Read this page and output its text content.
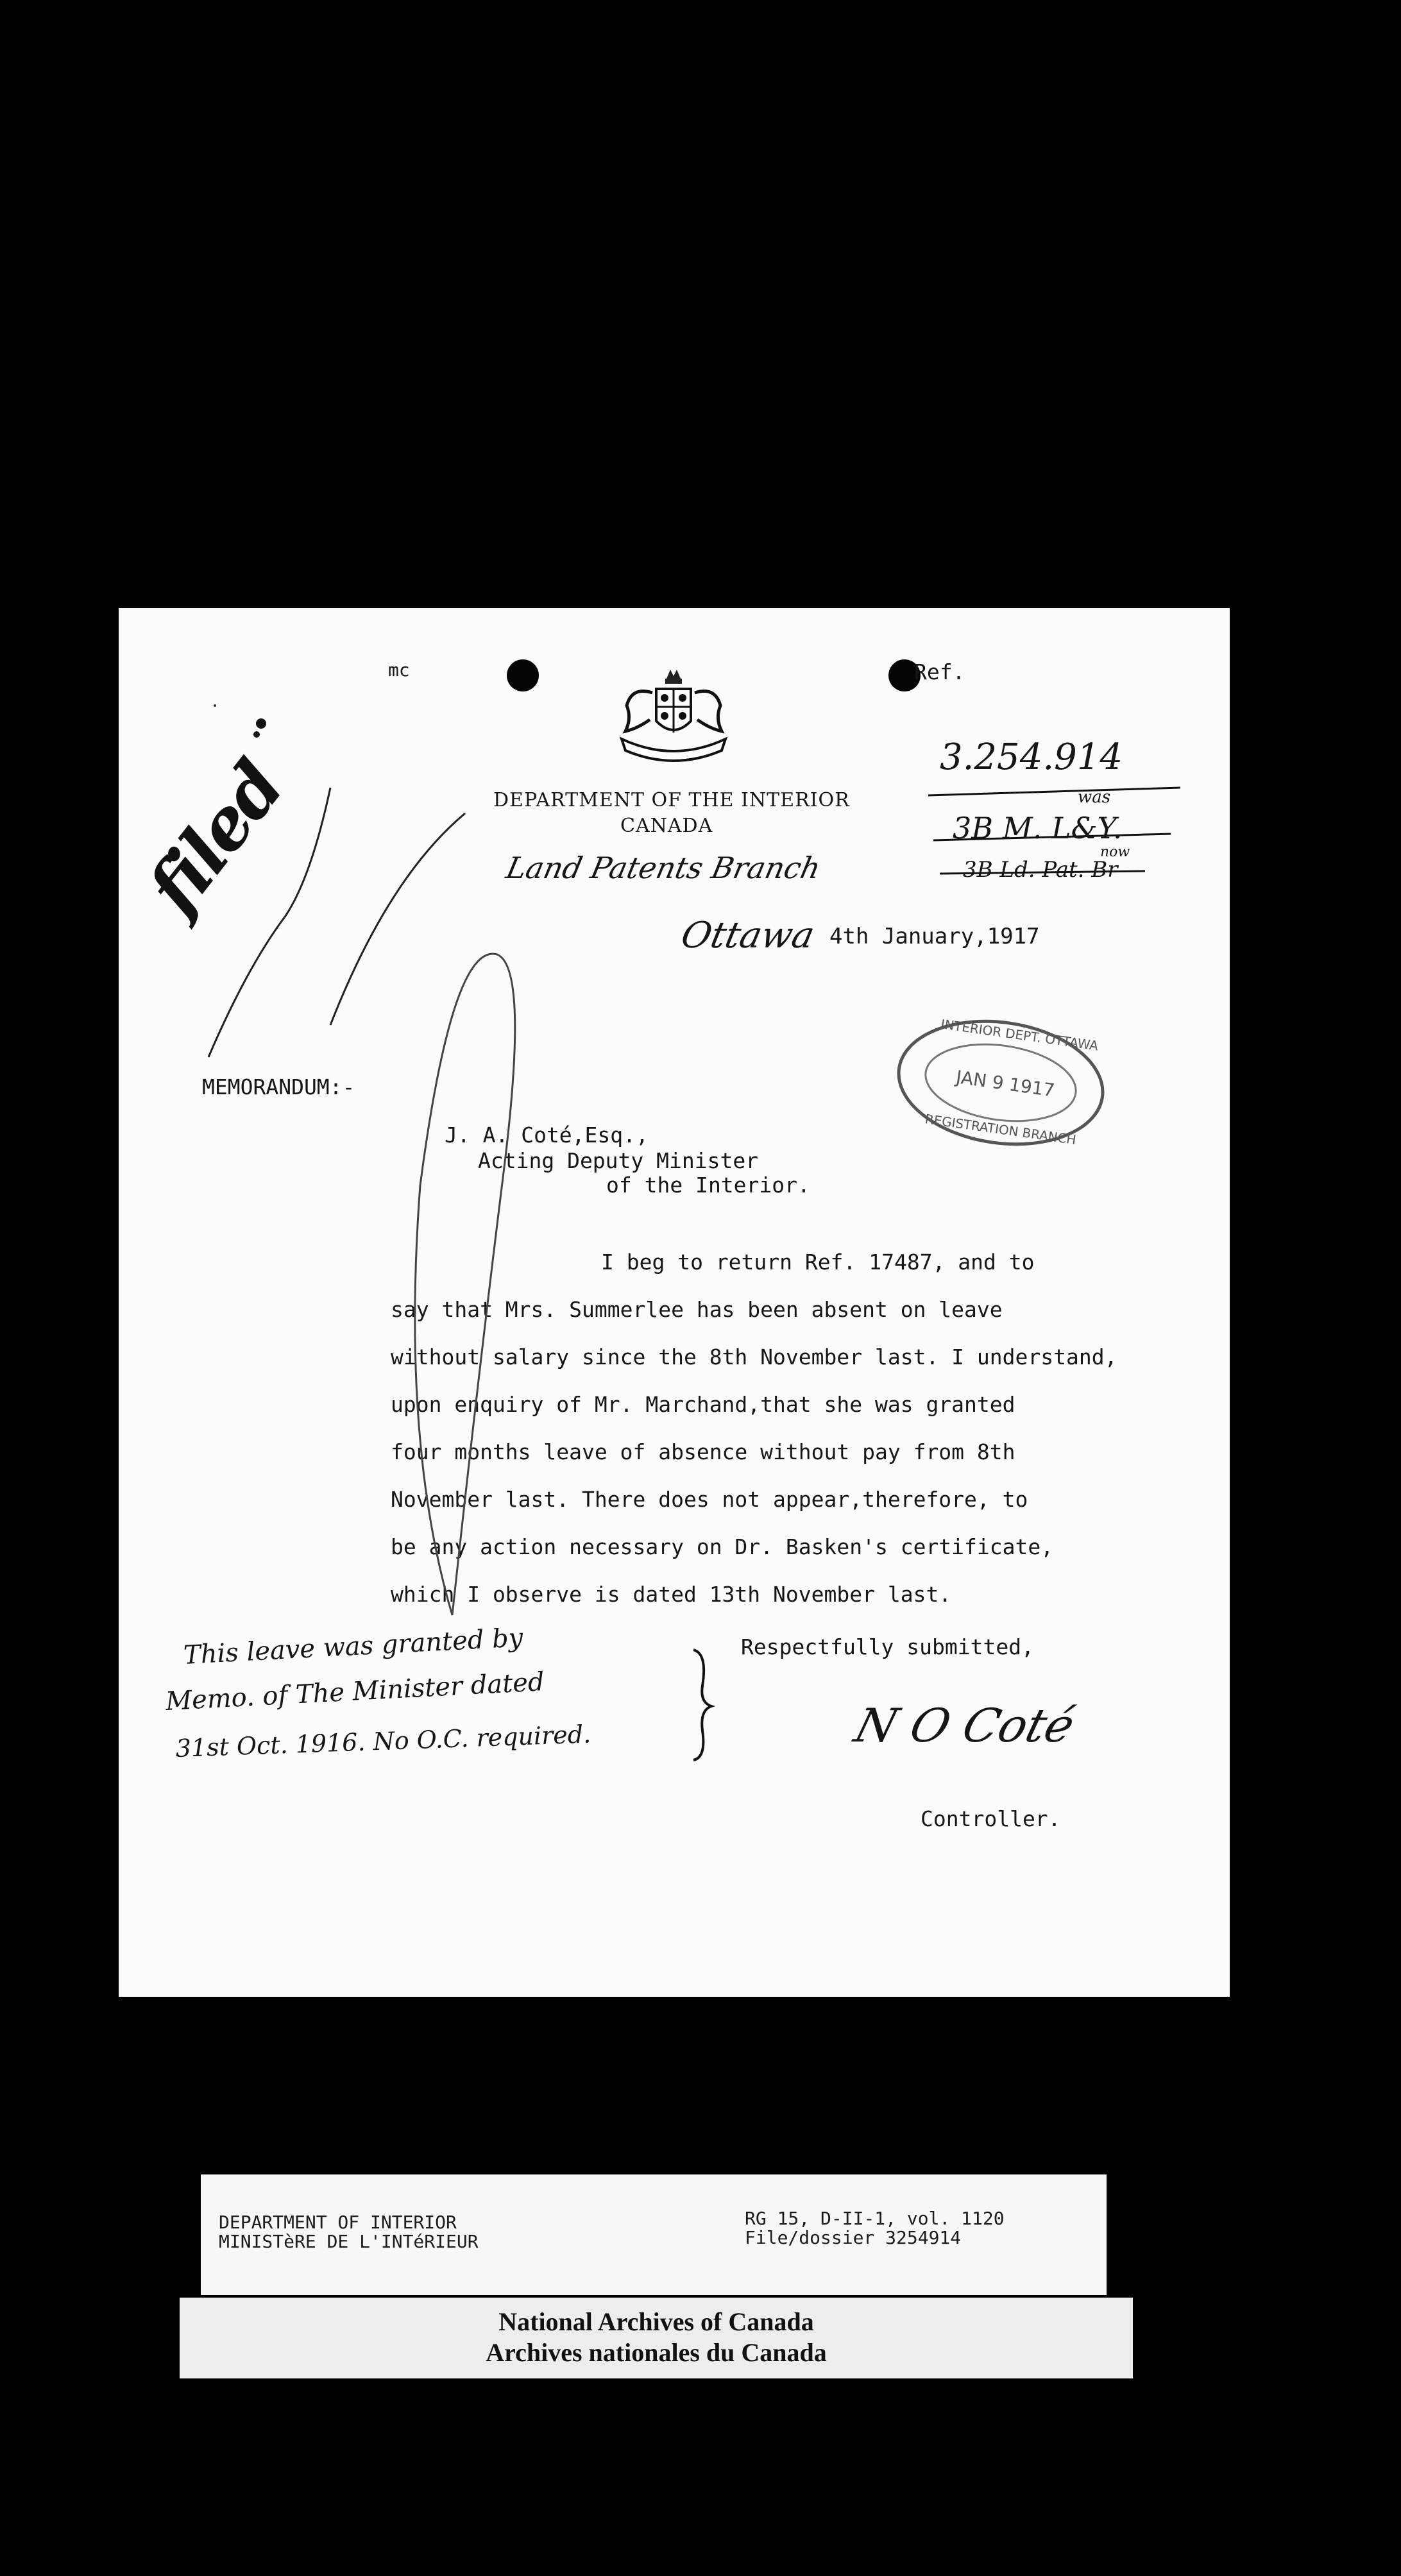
mc	Ref.
DEPARTMENT OF THE INTERIOR
CANADA
Land Patents Branch
Ottawa 4th January,1917
3.254.914
was
3B M. L&Y.
now
3B Ld. Pat. Br
INTERIOR DEPT. OTTAWA
JAN 9 1917
REGISTRATION BRANCH
MEMORANDUM:-
J. A. Coté,Esq.,
Acting Deputy Minister
of the Interior.
I beg to return Ref. 17487, and to
say that Mrs. Summerlee has been absent on leave
without salary since the 8th November last. I understand,
upon enquiry of Mr. Marchand,that she was granted
four months leave of absence without pay from 8th
November last. There does not appear,therefore, to
be any action necessary on Dr. Basken's certificate,
which I observe is dated 13th November last.
This leave was granted by
Memo. of The Minister dated
31st Oct. 1916. No O.C. required.
Respectfully submitted,
N O Coté
Controller.
filed
DEPARTMENT OF INTERIOR
MINISTèRE DE L'INTéRIEUR
RG 15, D-II-1, vol. 1120
File/dossier 3254914
National Archives of Canada
Archives nationales du Canada
